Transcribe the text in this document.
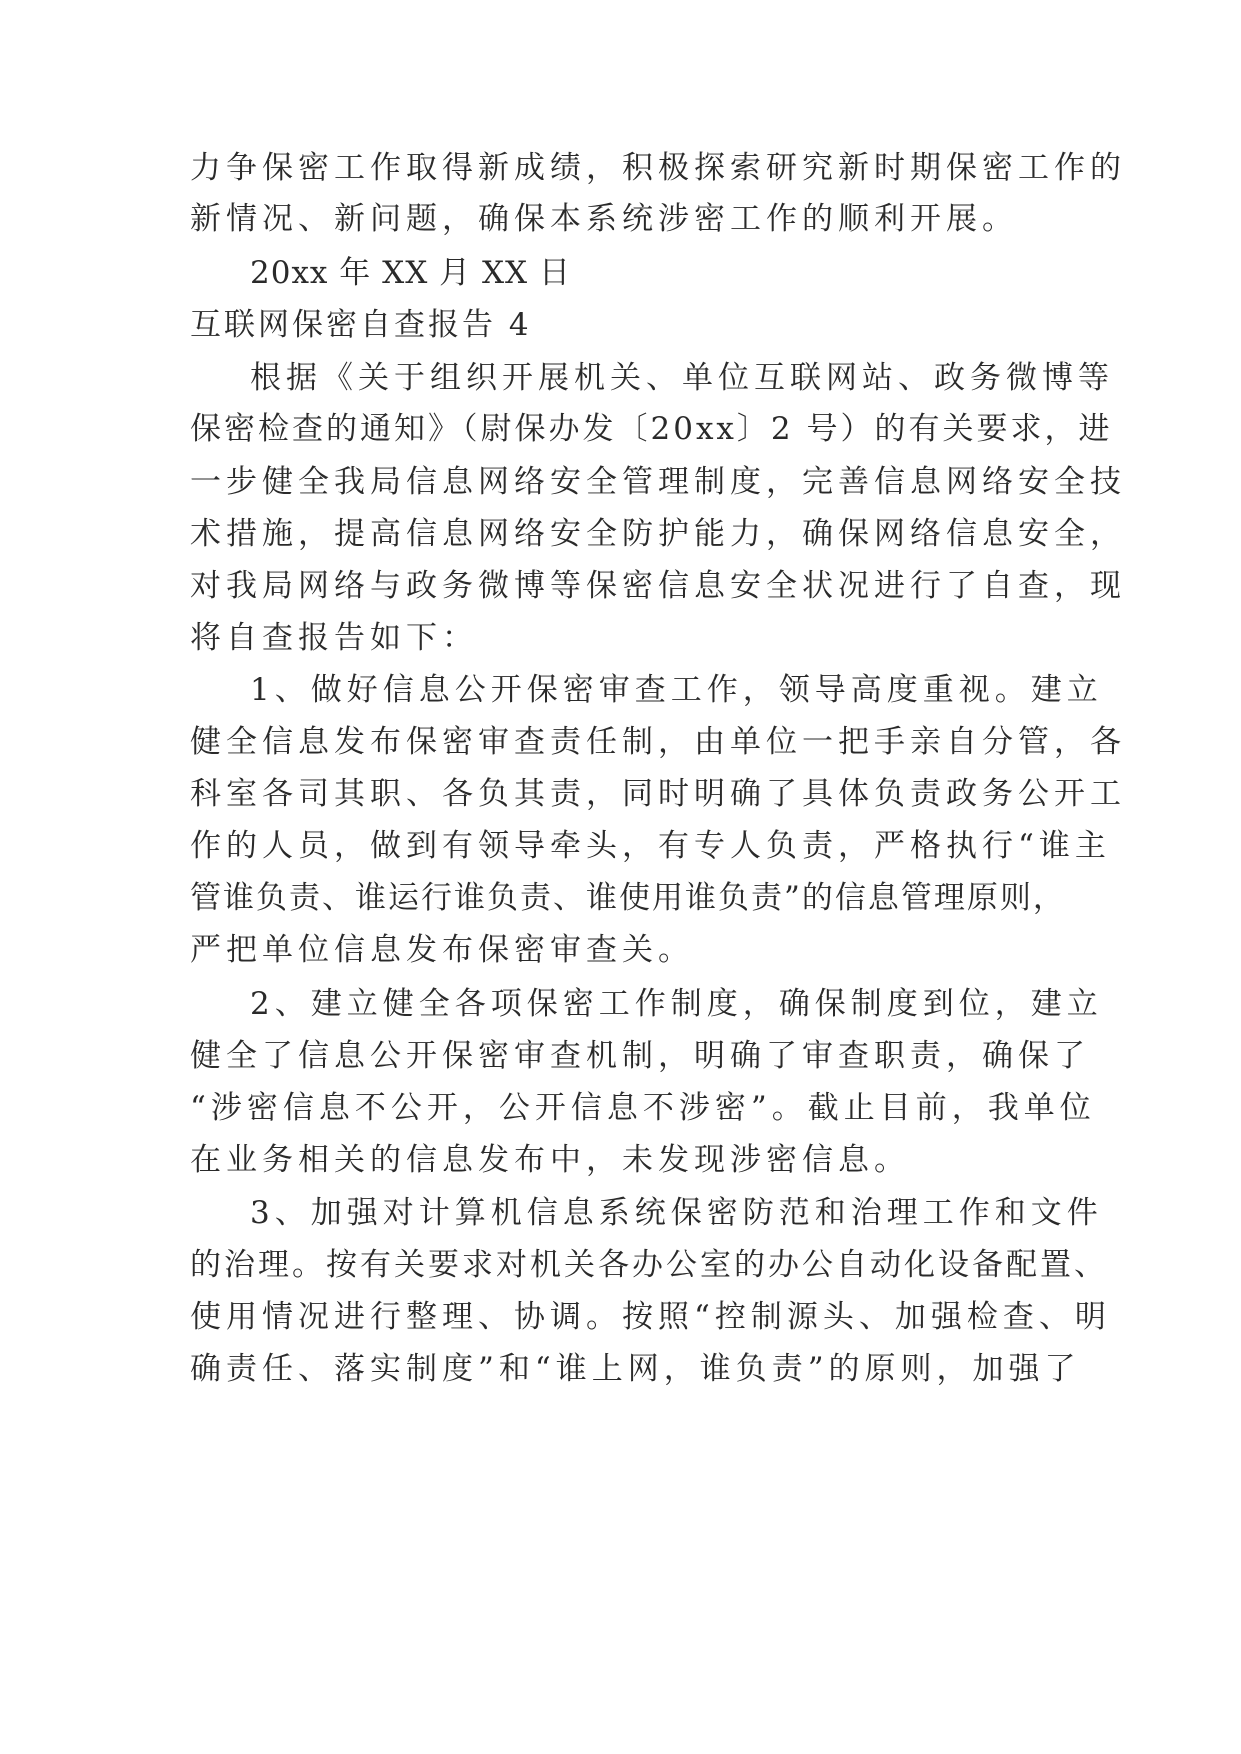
力争保密工作取得新成绩，积极探索研究新时期保密工作的
新情况、新问题，确保本系统涉密工作的顺利开展。
20xx 年 XX 月 XX 日
互联网保密自查报告 4
根据《关于组织开展机关、单位互联网站、政务微博等
保密检查的通知》（尉保办发〔20xx〕2 号）的有关要求，进
一步健全我局信息网络安全管理制度，完善信息网络安全技
术措施，提高信息网络安全防护能力，确保网络信息安全，
对我局网络与政务微博等保密信息安全状况进行了自查，现
将自查报告如下：
1、做好信息公开保密审查工作，领导高度重视。建立
健全信息发布保密审查责任制，由单位一把手亲自分管，各
科室各司其职、各负其责，同时明确了具体负责政务公开工
作的人员，做到有领导牵头，有专人负责，严格执行“谁主
管谁负责、谁运行谁负责、谁使用谁负责”的信息管理原则，
严把单位信息发布保密审查关。
2、建立健全各项保密工作制度，确保制度到位，建立
健全了信息公开保密审查机制，明确了审查职责，确保了
“涉密信息不公开，公开信息不涉密”。截止目前，我单位
在业务相关的信息发布中，未发现涉密信息。
3、加强对计算机信息系统保密防范和治理工作和文件
的治理。按有关要求对机关各办公室的办公自动化设备配置、
使用情况进行整理、协调。按照“控制源头、加强检查、明
确责任、落实制度”和“谁上网，谁负责”的原则，加强了
